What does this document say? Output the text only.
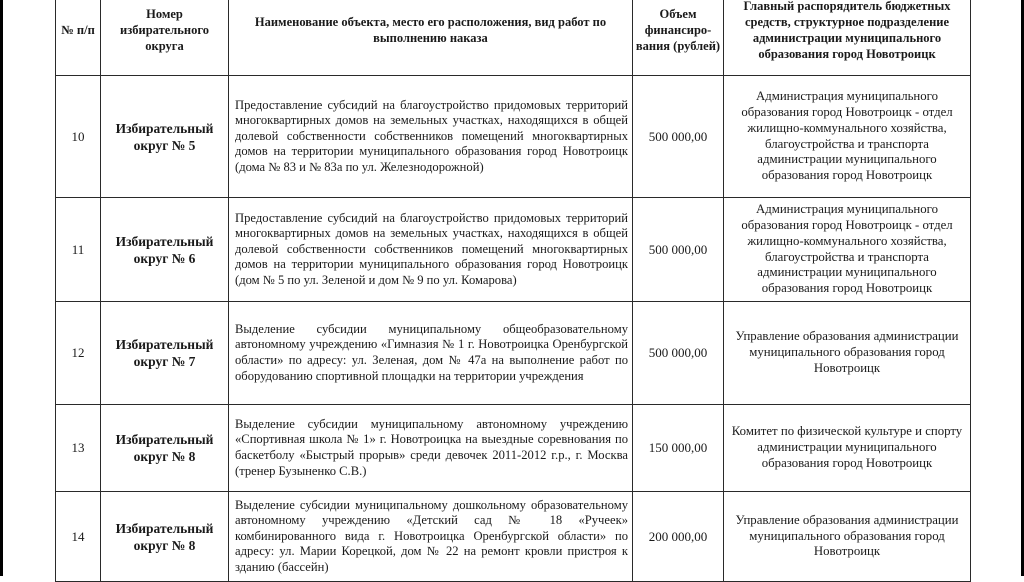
№ п/п	Номер избирательного округа	Наименование объекта, место его расположения, вид работ по выполнению наказа	Объем финансиро-вания (рублей)	Главный распорядитель бюджетных средств, структурное подразделение администрации муниципального образования город Новотроицк
10	Избирательный округ № 5	Предоставление субсидий на благоустройство придомовых территорий многоквартирных домов на земельных участках, находящихся в общей долевой собственности собственников помещений многоквартирных домов на территории муниципального образования город Новотроицк (дома № 83 и № 83а по ул. Железнодорожной)	500 000,00	Администрация муниципального образования город Новотроицк - отдел жилищно-коммунального хозяйства, благоустройства и транспорта администрации муниципального образования город Новотроицк
11	Избирательный округ № 6	Предоставление субсидий на благоустройство придомовых территорий многоквартирных домов на земельных участках, находящихся в общей долевой собственности собственников помещений многоквартирных домов на территории муниципального образования город Новотроицк (дом № 5 по ул. Зеленой и дом № 9 по ул. Комарова)	500 000,00	Администрация муниципального образования город Новотроицк - отдел жилищно-коммунального хозяйства, благоустройства и транспорта администрации муниципального образования город Новотроицк
12	Избирательный округ № 7	Выделение субсидии муниципальному общеобразовательному автономному учреждению «Гимназия № 1 г. Новотроицка Оренбургской области» по адресу: ул. Зеленая, дом № 47а на выполнение работ по оборудованию спортивной площадки на территории учреждения	500 000,00	Управление образования администрации муниципального образования город Новотроицк
13	Избирательный округ № 8	Выделение субсидии муниципальному автономному учреждению «Спортивная школа № 1» г. Новотроицка на выездные соревнования по баскетболу «Быстрый прорыв» среди девочек 2011-2012 г.р., г. Москва (тренер Бузыненко С.В.)	150 000,00	Комитет по физической культуре и спорту администрации муниципального образования город Новотроицк
14	Избирательный округ № 8	Выделение субсидии муниципальному дошкольному образовательному автономному учреждению «Детский сад № 18 «Ручеек» комбинированного вида г. Новотроицка Оренбургской области» по адресу: ул. Марии Корецкой, дом № 22 на ремонт кровли пристроя к зданию (бассейн)	200 000,00	Управление образования администрации муниципального образования город Новотроицк
